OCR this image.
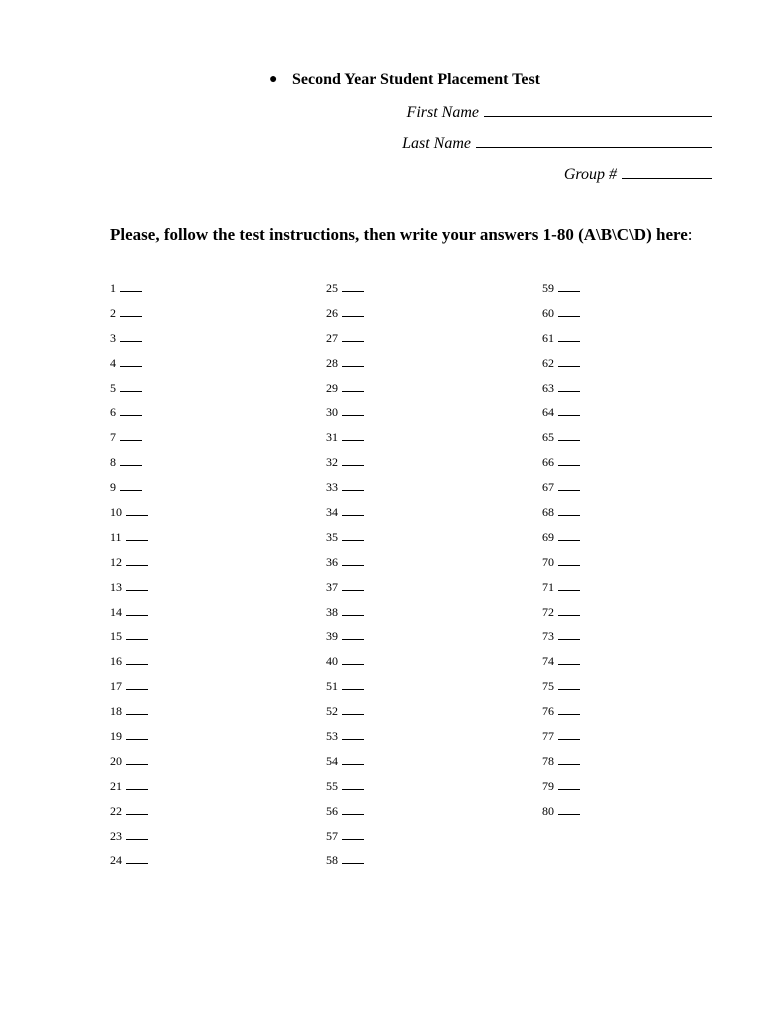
● Second Year Student Placement Test
First Name
Last Name
Group #
Please, follow the test instructions, then write your answers 1-80 (A\B\C\D) here:
1
2
3
4
5
6
7
8
9
10
11
12
13
14
15
16
17
18
19
20
21
22
23
24
25
26
27
28
29
30
31
32
33
34
35
36
37
38
39
40
51
52
53
54
55
56
57
58
59
60
61
62
63
64
65
66
67
68
69
70
71
72
73
74
75
76
77
78
79
80
